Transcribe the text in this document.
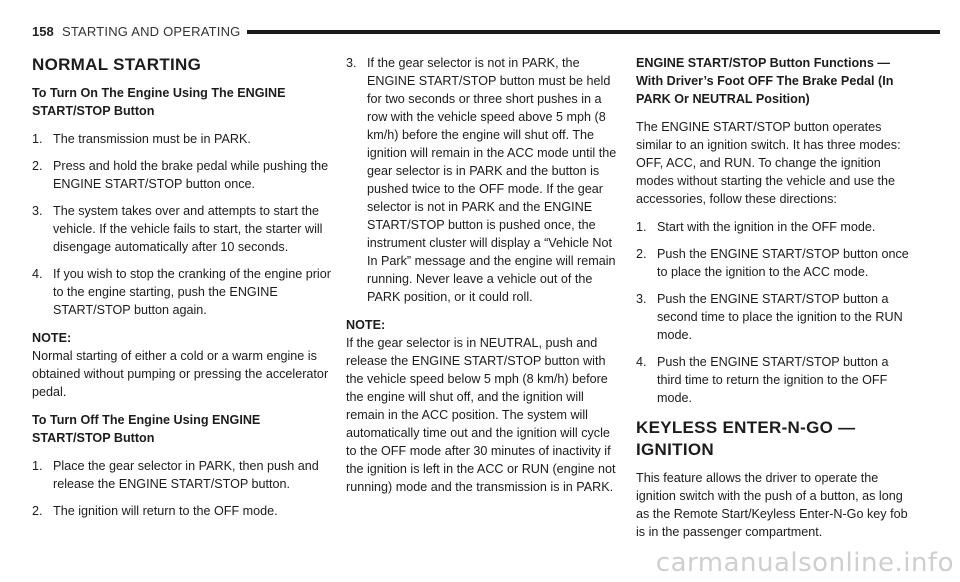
158 STARTING AND OPERATING
NORMAL STARTING
To Turn On The Engine Using The ENGINE START/STOP Button
1. The transmission must be in PARK.
2. Press and hold the brake pedal while pushing the ENGINE START/STOP button once.
3. The system takes over and attempts to start the vehicle. If the vehicle fails to start, the starter will disengage automatically after 10 seconds.
4. If you wish to stop the cranking of the engine prior to the engine starting, push the ENGINE START/STOP button again.
NOTE:
Normal starting of either a cold or a warm engine is obtained without pumping or pressing the accelerator pedal.
To Turn Off The Engine Using ENGINE START/STOP Button
1. Place the gear selector in PARK, then push and release the ENGINE START/STOP button.
2. The ignition will return to the OFF mode.
3. If the gear selector is not in PARK, the ENGINE START/STOP button must be held for two seconds or three short pushes in a row with the vehicle speed above 5 mph (8 km/h) before the engine will shut off. The ignition will remain in the ACC mode until the gear selector is in PARK and the button is pushed twice to the OFF mode. If the gear selector is not in PARK and the ENGINE START/STOP button is pushed once, the instrument cluster will display a “Vehicle Not In Park” message and the engine will remain running. Never leave a vehicle out of the PARK position, or it could roll.
NOTE:
If the gear selector is in NEUTRAL, push and release the ENGINE START/STOP button with the vehicle speed below 5 mph (8 km/h) before the engine will shut off, and the ignition will remain in the ACC position. The system will automatically time out and the ignition will cycle to the OFF mode after 30 minutes of inactivity if the ignition is left in the ACC or RUN (engine not running) mode and the transmission is in PARK.
ENGINE START/STOP Button Functions — With Driver’s Foot OFF The Brake Pedal (In PARK Or NEUTRAL Position)
The ENGINE START/STOP button operates similar to an ignition switch. It has three modes: OFF, ACC, and RUN. To change the ignition modes without starting the vehicle and use the accessories, follow these directions:
1. Start with the ignition in the OFF mode.
2. Push the ENGINE START/STOP button once to place the ignition to the ACC mode.
3. Push the ENGINE START/STOP button a second time to place the ignition to the RUN mode.
4. Push the ENGINE START/STOP button a third time to return the ignition to the OFF mode.
KEYLESS ENTER-N-GO — IGNITION
This feature allows the driver to operate the ignition switch with the push of a button, as long as the Remote Start/Keyless Enter-N-Go key fob is in the passenger compartment.
carmanualsonline.info
